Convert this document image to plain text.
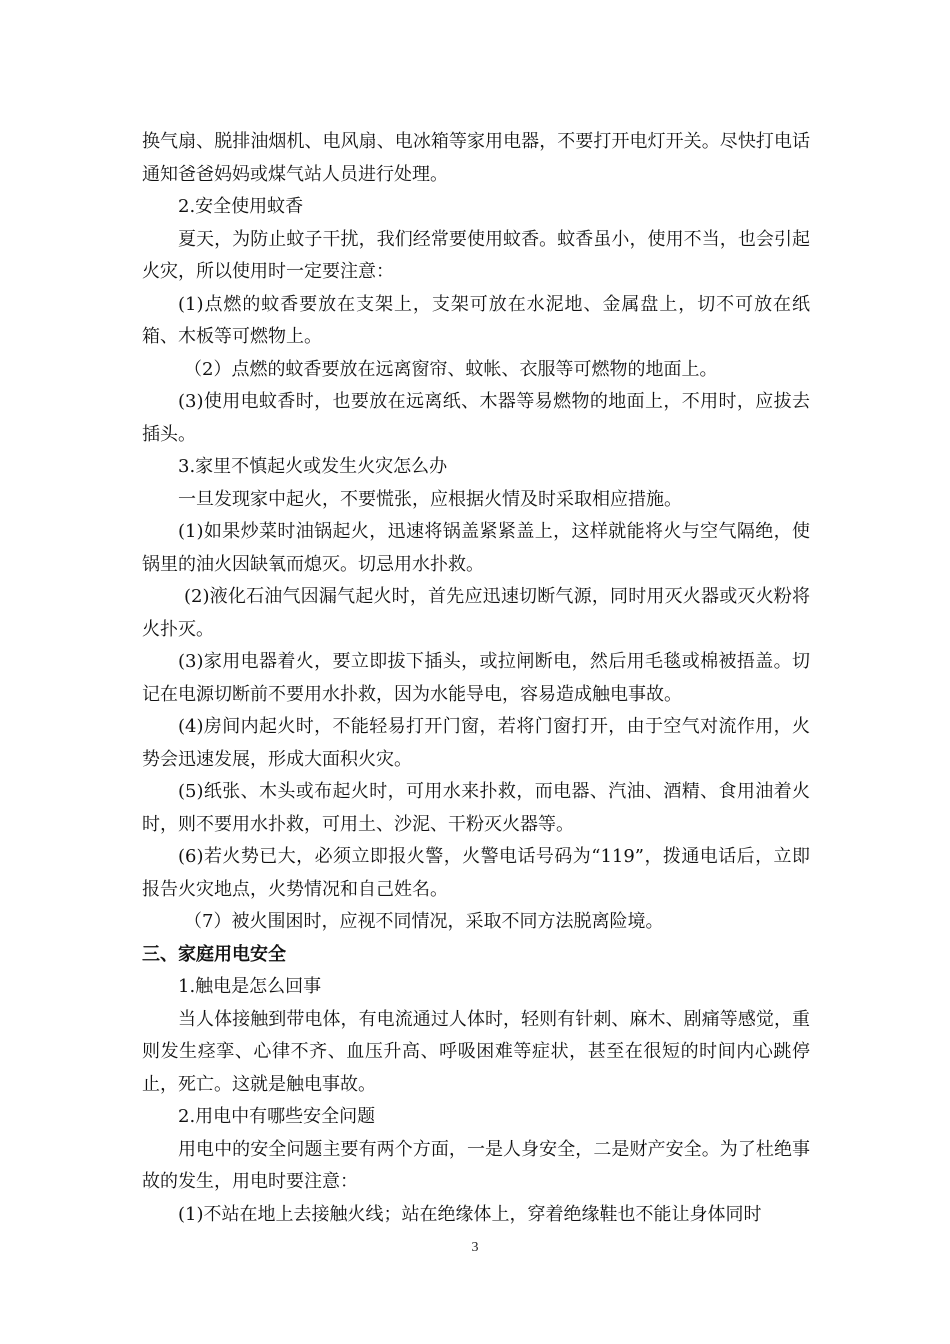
换气扇、脱排油烟机、电风扇、电冰箱等家用电器，不要打开电灯开关。尽快打电话通知爸爸妈妈或煤气站人员进行处理。

2.安全使用蚊香

夏天，为防止蚊子干扰，我们经常要使用蚊香。蚊香虽小，使用不当，也会引起火灾，所以使用时一定要注意：

(1)点燃的蚊香要放在支架上，支架可放在水泥地、金属盘上，切不可放在纸箱、木板等可燃物上。

（2）点燃的蚊香要放在远离窗帘、蚊帐、衣服等可燃物的地面上。

(3)使用电蚊香时，也要放在远离纸、木器等易燃物的地面上，不用时，应拔去插头。

3.家里不慎起火或发生火灾怎么办

一旦发现家中起火，不要慌张，应根据火情及时采取相应措施。

(1)如果炒菜时油锅起火，迅速将锅盖紧紧盖上，这样就能将火与空气隔绝，使锅里的油火因缺氧而熄灭。切忌用水扑救。

(2)液化石油气因漏气起火时，首先应迅速切断气源，同时用灭火器或灭火粉将火扑灭。

(3)家用电器着火，要立即拔下插头，或拉闸断电，然后用毛毯或棉被捂盖。切记在电源切断前不要用水扑救，因为水能导电，容易造成触电事故。

(4)房间内起火时，不能轻易打开门窗，若将门窗打开，由于空气对流作用，火势会迅速发展，形成大面积火灾。

(5)纸张、木头或布起火时，可用水来扑救，而电器、汽油、酒精、食用油着火时，则不要用水扑救，可用土、沙泥、干粉灭火器等。

(6)若火势已大，必须立即报火警，火警电话号码为“119”，拨通电话后，立即报告火灾地点，火势情况和自己姓名。

（7）被火围困时，应视不同情况，采取不同方法脱离险境。

三、家庭用电安全

1.触电是怎么回事

当人体接触到带电体，有电流通过人体时，轻则有针刺、麻木、剧痛等感觉，重则发生痉挛、心律不齐、血压升高、呼吸困难等症状，甚至在很短的时间内心跳停止，死亡。这就是触电事故。

2.用电中有哪些安全问题

用电中的安全问题主要有两个方面，一是人身安全，二是财产安全。为了杜绝事故的发生，用电时要注意：

(1)不站在地上去接触火线；站在绝缘体上，穿着绝缘鞋也不能让身体同时

3
